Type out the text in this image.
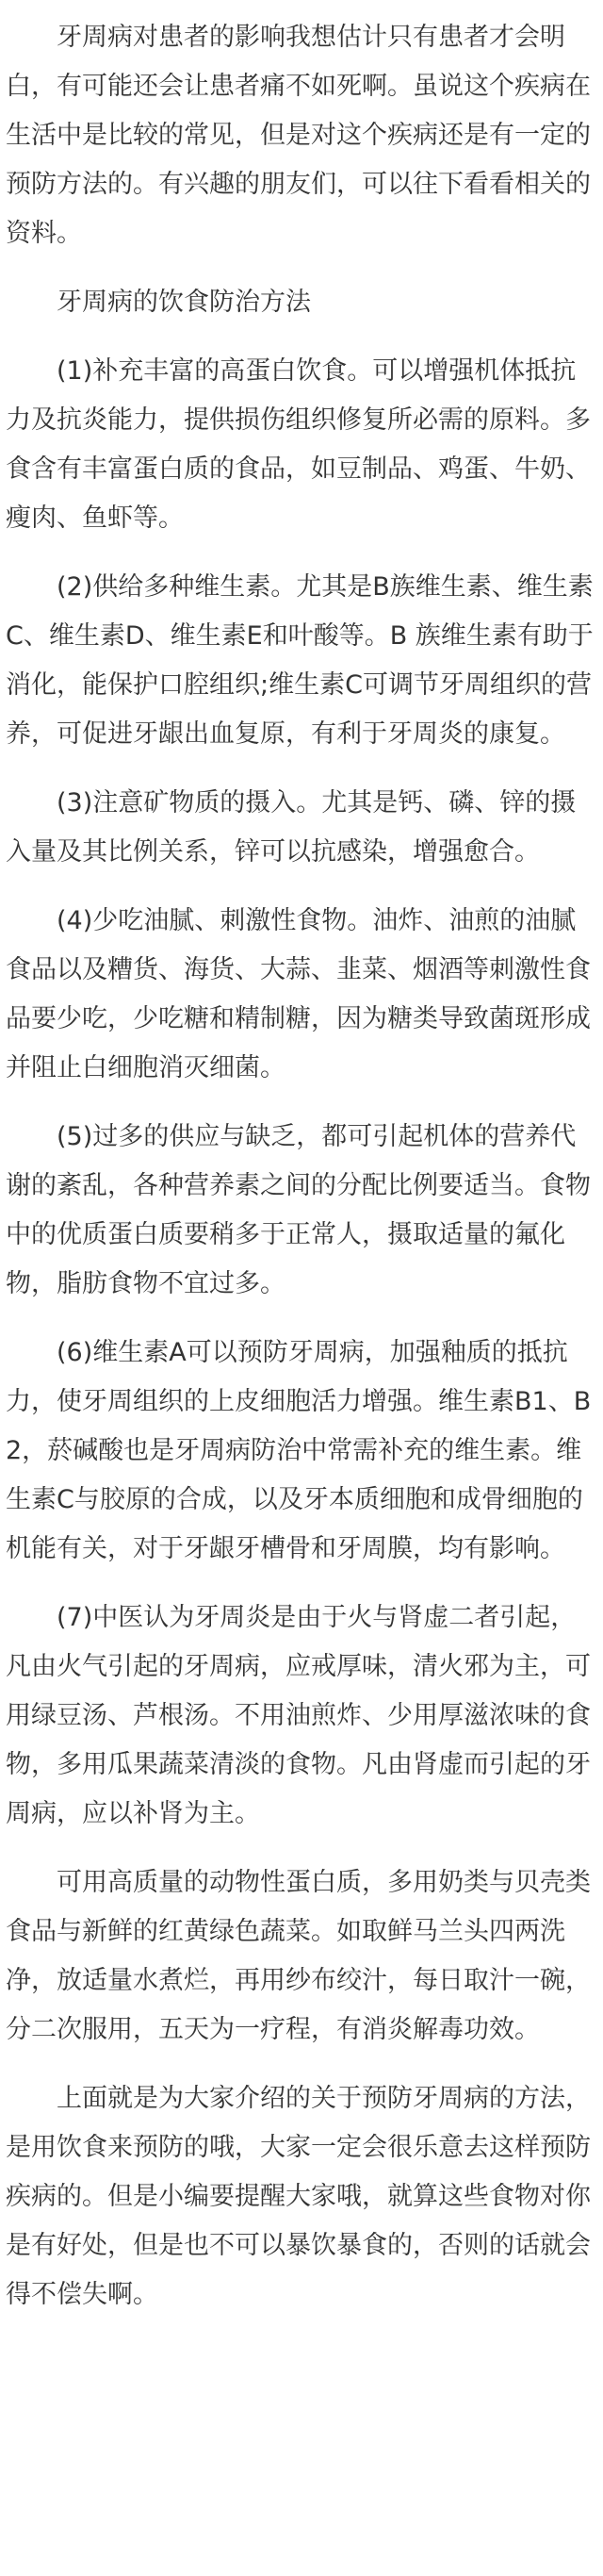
牙周病对患者的影响我想估计只有患者才会明白，有可能还会让患者痛不如死啊。虽说这个疾病在生活中是比较的常见，但是对这个疾病还是有一定的预防方法的。有兴趣的朋友们，可以往下看看相关的资料。

牙周病的饮食防治方法

(1)补充丰富的高蛋白饮食。可以增强机体抵抗力及抗炎能力，提供损伤组织修复所必需的原料。多食含有丰富蛋白质的食品，如豆制品、鸡蛋、牛奶、瘦肉、鱼虾等。

(2)供给多种维生素。尤其是B族维生素、维生素C、维生素D、维生素E和叶酸等。B 族维生素有助于消化，能保护口腔组织;维生素C可调节牙周组织的营养，可促进牙龈出血复原，有利于牙周炎的康复。

(3)注意矿物质的摄入。尤其是钙、磷、锌的摄入量及其比例关系，锌可以抗感染，增强愈合。

(4)少吃油腻、刺激性食物。油炸、油煎的油腻食品以及糟货、海货、大蒜、韭菜、烟酒等刺激性食品要少吃，少吃糖和精制糖，因为糖类导致菌斑形成并阻止白细胞消灭细菌。

(5)过多的供应与缺乏，都可引起机体的营养代谢的紊乱，各种营养素之间的分配比例要适当。食物中的优质蛋白质要稍多于正常人，摄取适量的氟化物，脂肪食物不宜过多。

(6)维生素A可以预防牙周病，加强釉质的抵抗力，使牙周组织的上皮细胞活力增强。维生素B1、B2，菸碱酸也是牙周病防治中常需补充的维生素。维生素C与胶原的合成，以及牙本质细胞和成骨细胞的机能有关，对于牙龈牙槽骨和牙周膜，均有影响。

(7)中医认为牙周炎是由于火与肾虚二者引起，凡由火气引起的牙周病，应戒厚味，清火邪为主，可用绿豆汤、芦根汤。不用油煎炸、少用厚滋浓味的食物，多用瓜果蔬菜清淡的食物。凡由肾虚而引起的牙周病，应以补肾为主。

可用高质量的动物性蛋白质，多用奶类与贝壳类食品与新鲜的红黄绿色蔬菜。如取鲜马兰头四两洗净，放适量水煮烂，再用纱布绞汁，每日取汁一碗，分二次服用，五天为一疗程，有消炎解毒功效。

上面就是为大家介绍的关于预防牙周病的方法，是用饮食来预防的哦，大家一定会很乐意去这样预防疾病的。但是小编要提醒大家哦，就算这些食物对你是有好处，但是也不可以暴饮暴食的，否则的话就会得不偿失啊。
